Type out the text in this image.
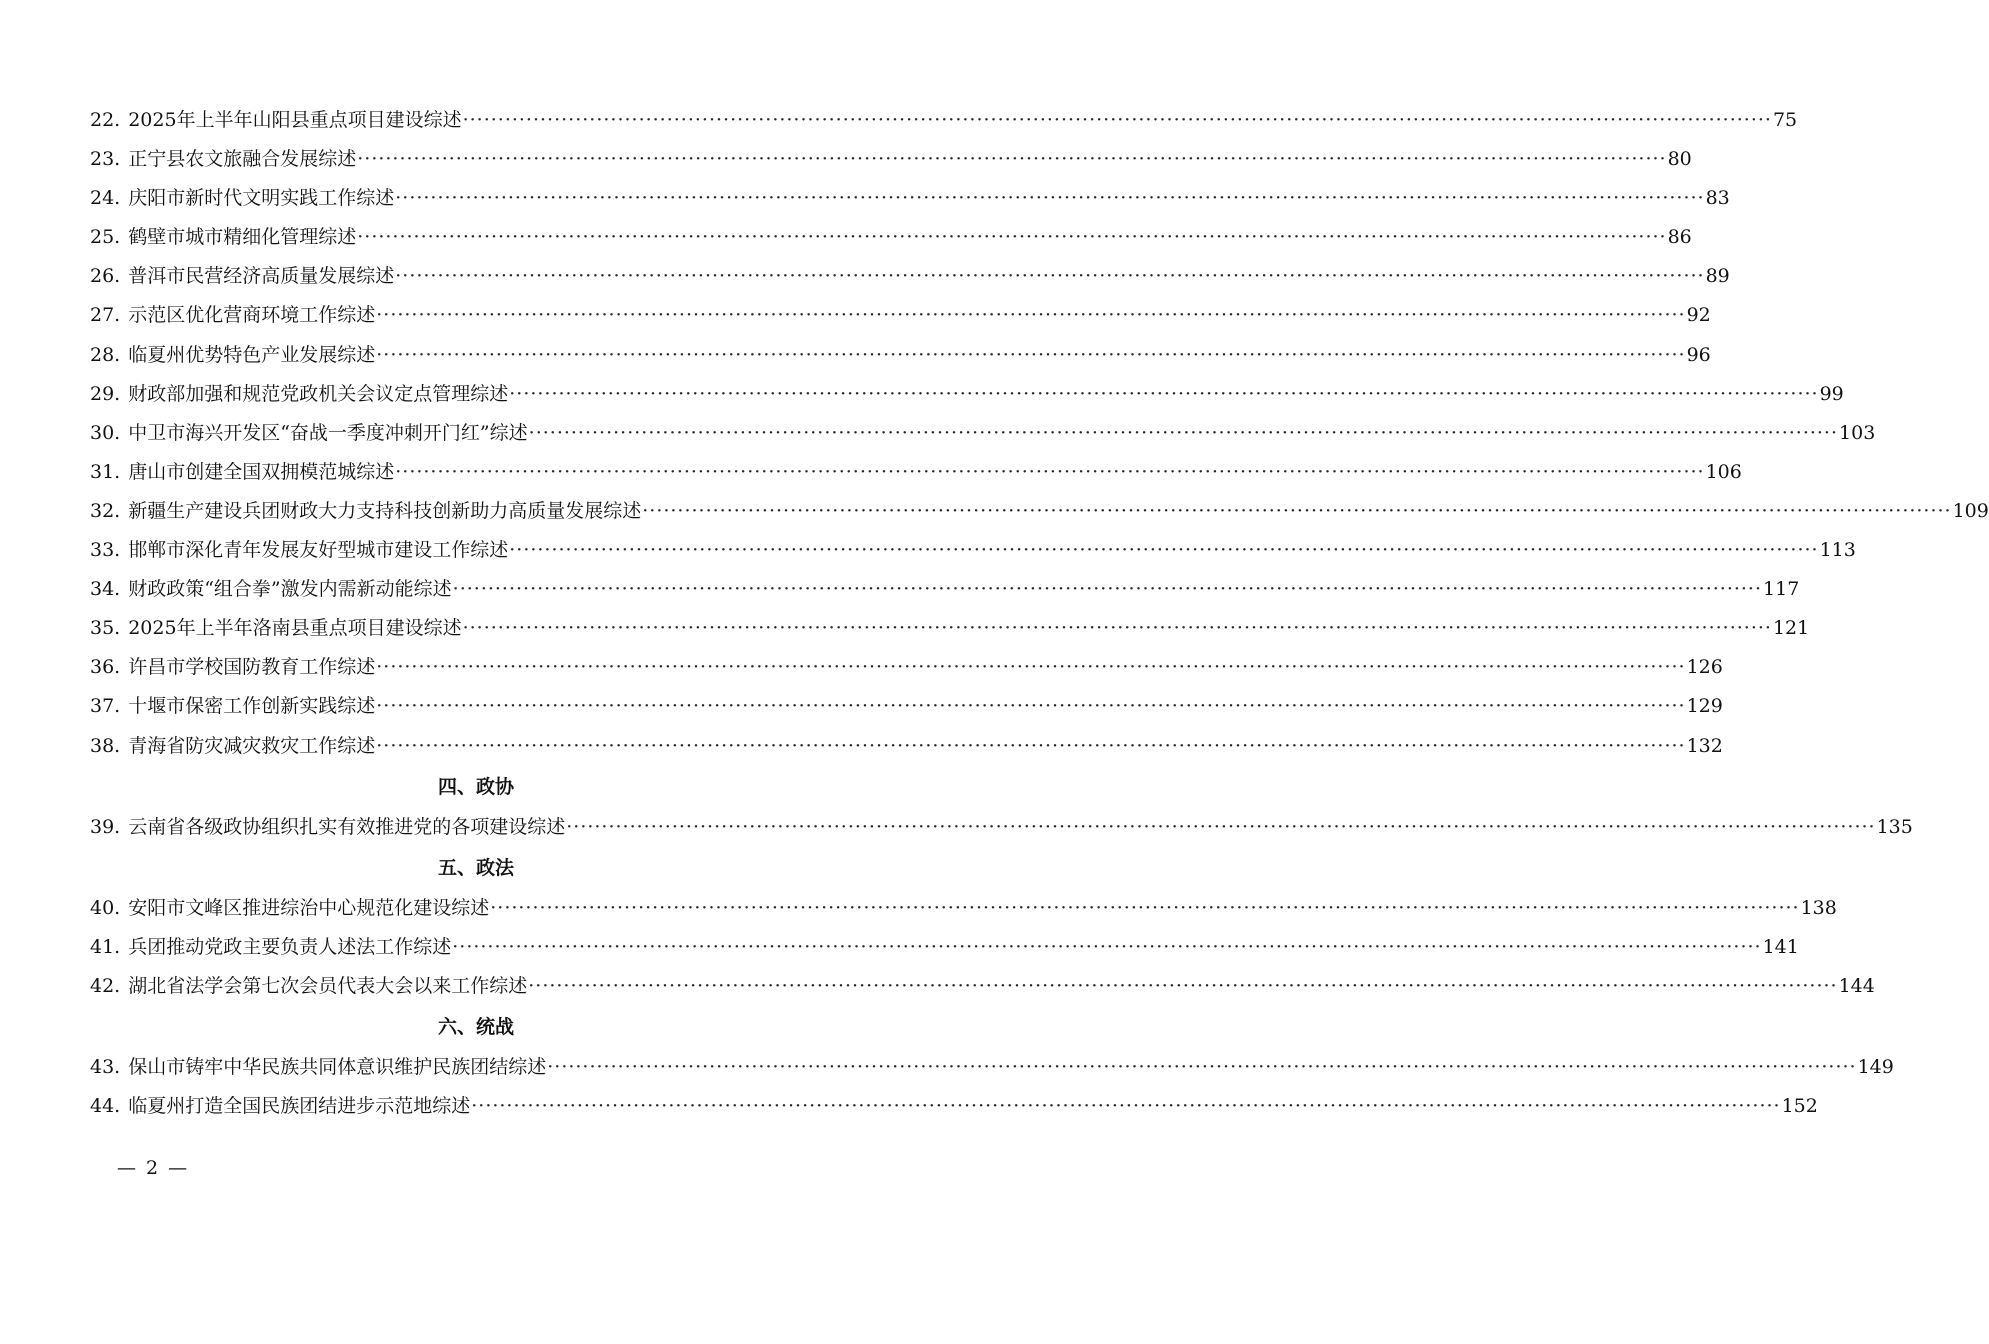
22. 2025年上半年山阳县重点项目建设综述 ·····	75
23. 正宁县农文旅融合发展综述 ·····	80
24. 庆阳市新时代文明实践工作综述 ·····	83
25. 鹤壁市城市精细化管理综述 ·····	86
26. 普洱市民营经济高质量发展综述 ·····	89
27. 示范区优化营商环境工作综述 ·····	92
28. 临夏州优势特色产业发展综述 ·····	96
29. 财政部加强和规范党政机关会议定点管理综述 ·····	99
30. 中卫市海兴开发区“奋战一季度冲刺开门红”综述 ·····	103
31. 唐山市创建全国双拥模范城综述 ·····	106
32. 新疆生产建设兵团财政大力支持科技创新助力高质量发展综述 ·····	109
33. 邯郸市深化青年发展友好型城市建设工作综述 ·····	113
34. 财政政策“组合拳”激发内需新动能综述 ·····	117
35. 2025年上半年洛南县重点项目建设综述 ·····	121
36. 许昌市学校国防教育工作综述 ·····	126
37. 十堰市保密工作创新实践综述 ·····	129
38. 青海省防灾减灾救灾工作综述 ·····	132
四、政协
39. 云南省各级政协组织扎实有效推进党的各项建设综述 ·····	135
五、政法
40. 安阳市文峰区推进综治中心规范化建设综述 ·····	138
41. 兵团推动党政主要负责人述法工作综述 ·····	141
42. 湖北省法学会第七次会员代表大会以来工作综述 ·····	144
六、统战
43. 保山市铸牢中华民族共同体意识维护民族团结综述 ·····	149
44. 临夏州打造全国民族团结进步示范地综述 ·····	152
— 2 —
